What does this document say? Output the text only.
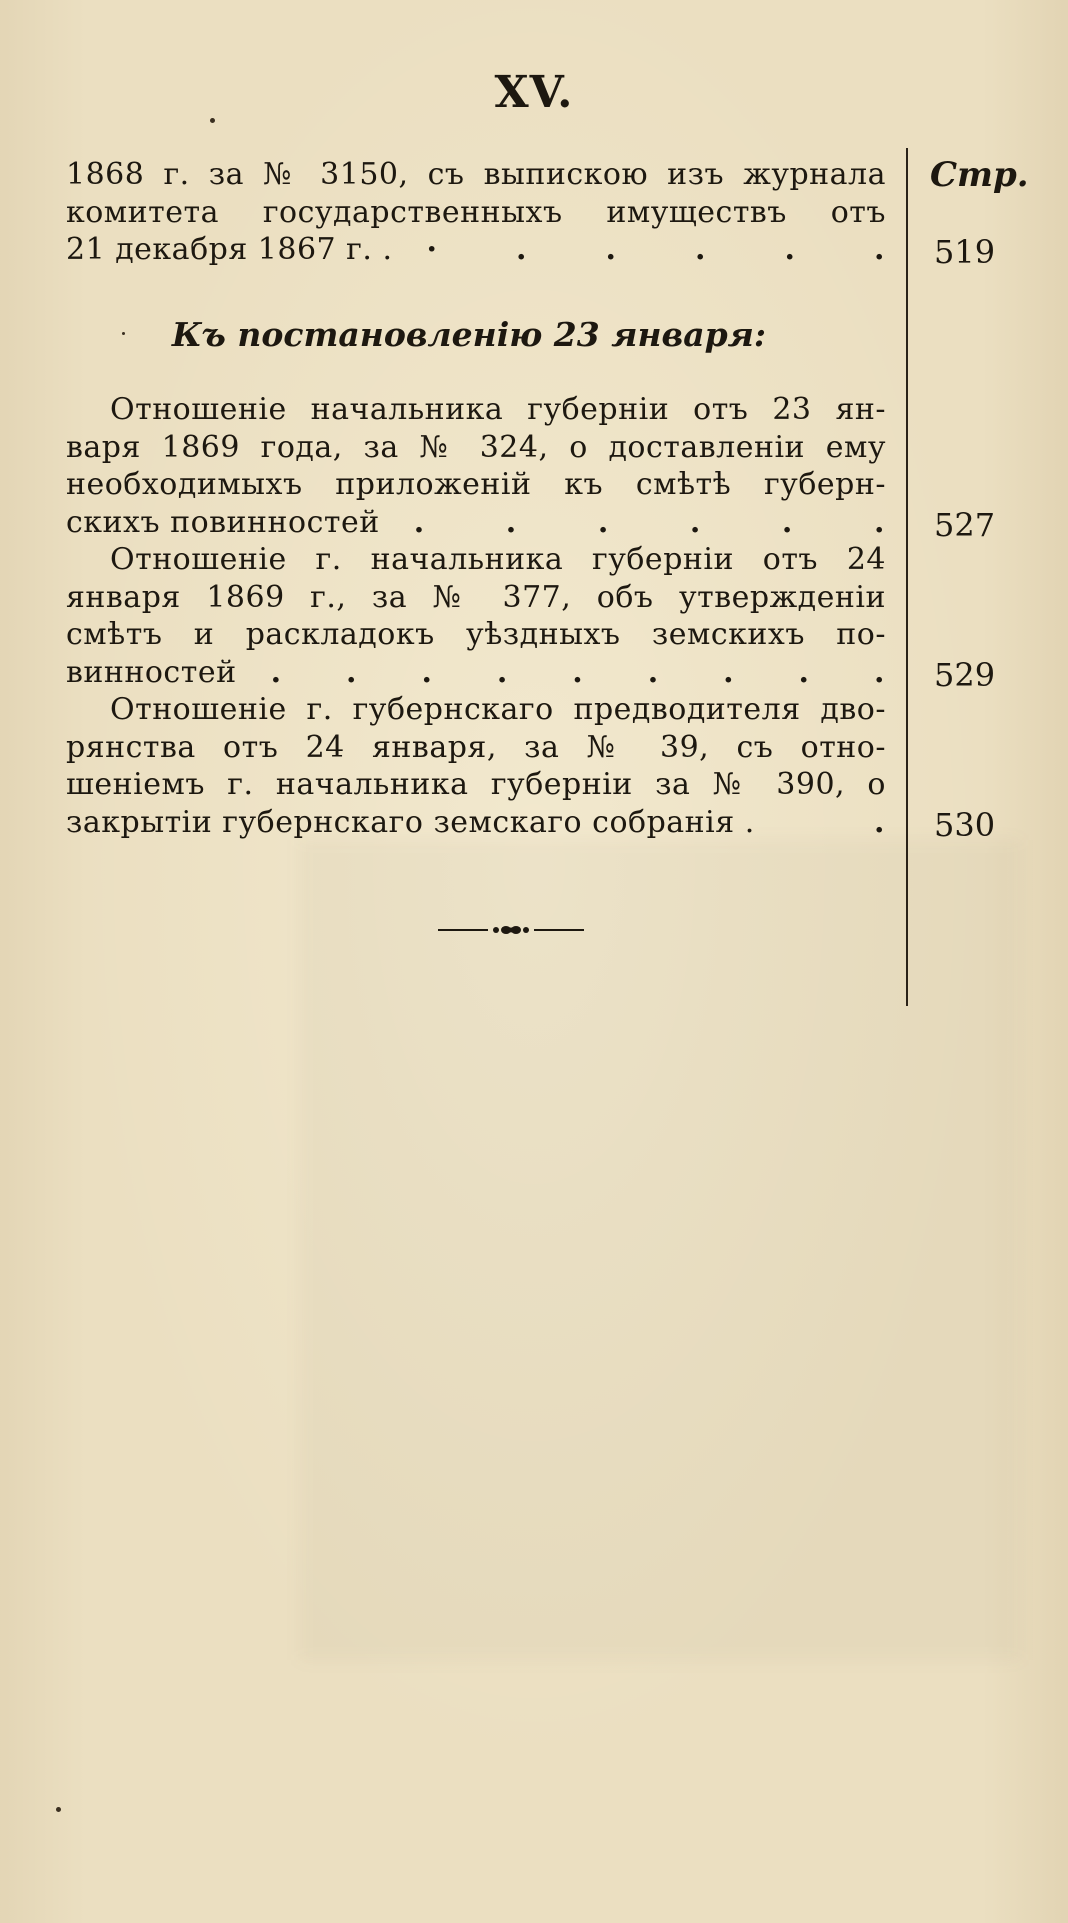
XV.
Стр.
1868 г. за № 3150, съ выпискою изъ журнала
комитета государственныхъ имуществъ отъ
21 декабря 1867 г. . ·	.	.	.	.	. 519
Къ постановленію 23 января:
Отношеніе начальника губерніи отъ 23 ян-
варя 1869 года, за № 324, о доставленіи ему
необходимыхъ приложеній къ смѣтѣ губерн-
скихъ повинностей .	.	.	.	.	. 527
Отношеніе г. начальника губерніи отъ 24
января 1869 г., за № 377, объ утвержденіи
смѣтъ и раскладокъ уѣздныхъ земскихъ по-
винностей . . . . . . . . . 529
Отношеніе г. губернскаго предводителя дво-
рянства отъ 24 января, за № 39, съ отно-
шеніемъ г. начальника губерніи за № 390, о
закрытіи губернскаго земскаго собранія .	. 530
